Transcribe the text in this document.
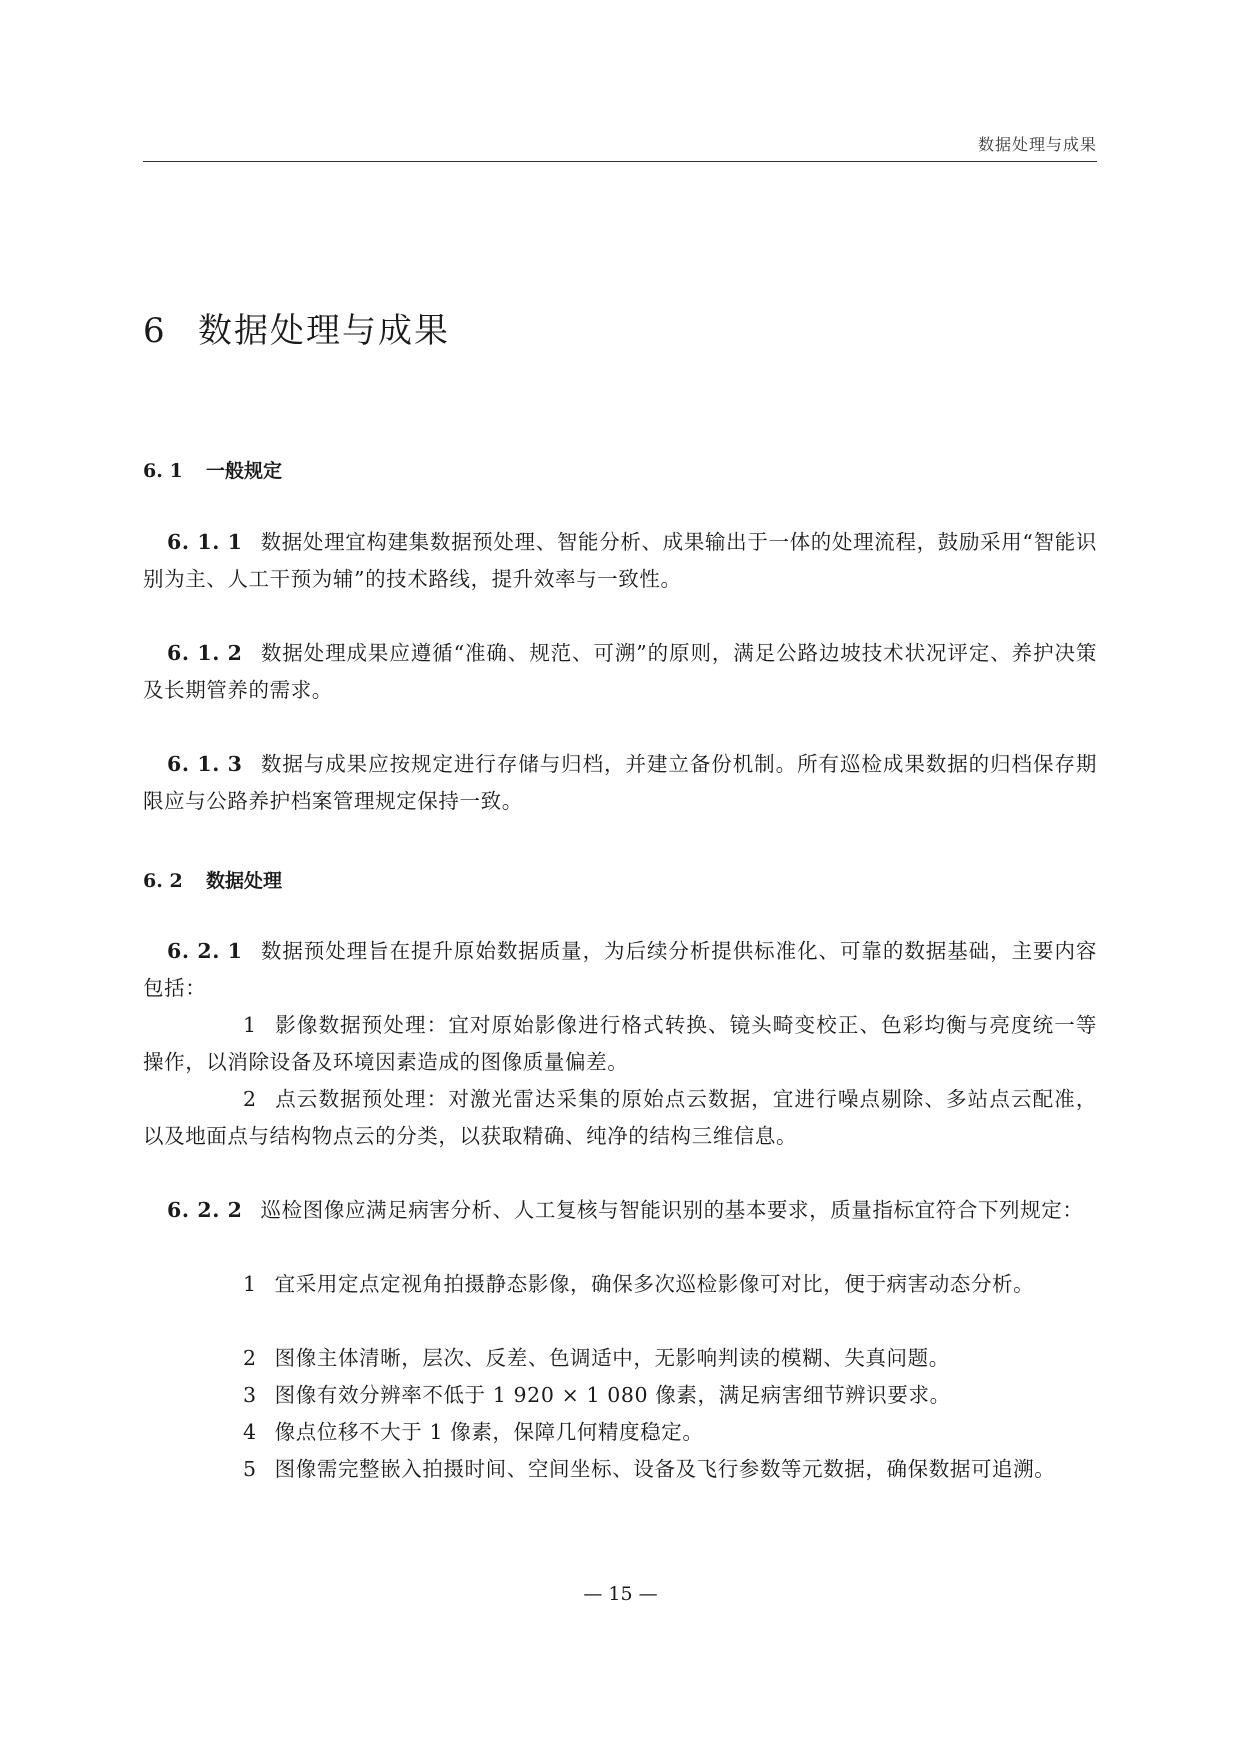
数据处理与成果
6 数据处理与成果
6. 1 一般规定

6. 1. 1 数据处理宜构建集数据预处理、智能分析、成果输出于一体的处理流程，鼓励采用“智能识别为主、人工干预为辅”的技术路线，提升效率与一致性。

6. 1. 2 数据处理成果应遵循“准确、规范、可溯”的原则，满足公路边坡技术状况评定、养护决策及长期管养的需求。

6. 1. 3 数据与成果应按规定进行存储与归档，并建立备份机制。所有巡检成果数据的归档保存期限应与公路养护档案管理规定保持一致。

6. 2 数据处理

6. 2. 1 数据预处理旨在提升原始数据质量，为后续分析提供标准化、可靠的数据基础，主要内容包括：

1 影像数据预处理：宜对原始影像进行格式转换、镜头畸变校正、色彩均衡与亮度统一等操作，以消除设备及环境因素造成的图像质量偏差。

2 点云数据预处理：对激光雷达采集的原始点云数据，宜进行噪点剔除、多站点云配准，以及地面点与结构物点云的分类，以获取精确、纯净的结构三维信息。

6. 2. 2 巡检图像应满足病害分析、人工复核与智能识别的基本要求，质量指标宜符合下列规定：

1 宜采用定点定视角拍摄静态影像，确保多次巡检影像可对比，便于病害动态分析。

2 图像主体清晰，层次、反差、色调适中，无影响判读的模糊、失真问题。

3 图像有效分辨率不低于 1 920 × 1 080 像素，满足病害细节辨识要求。

4 像点位移不大于 1 像素，保障几何精度稳定。

5 图像需完整嵌入拍摄时间、空间坐标、设备及飞行参数等元数据，确保数据可追溯。

— 15 —
